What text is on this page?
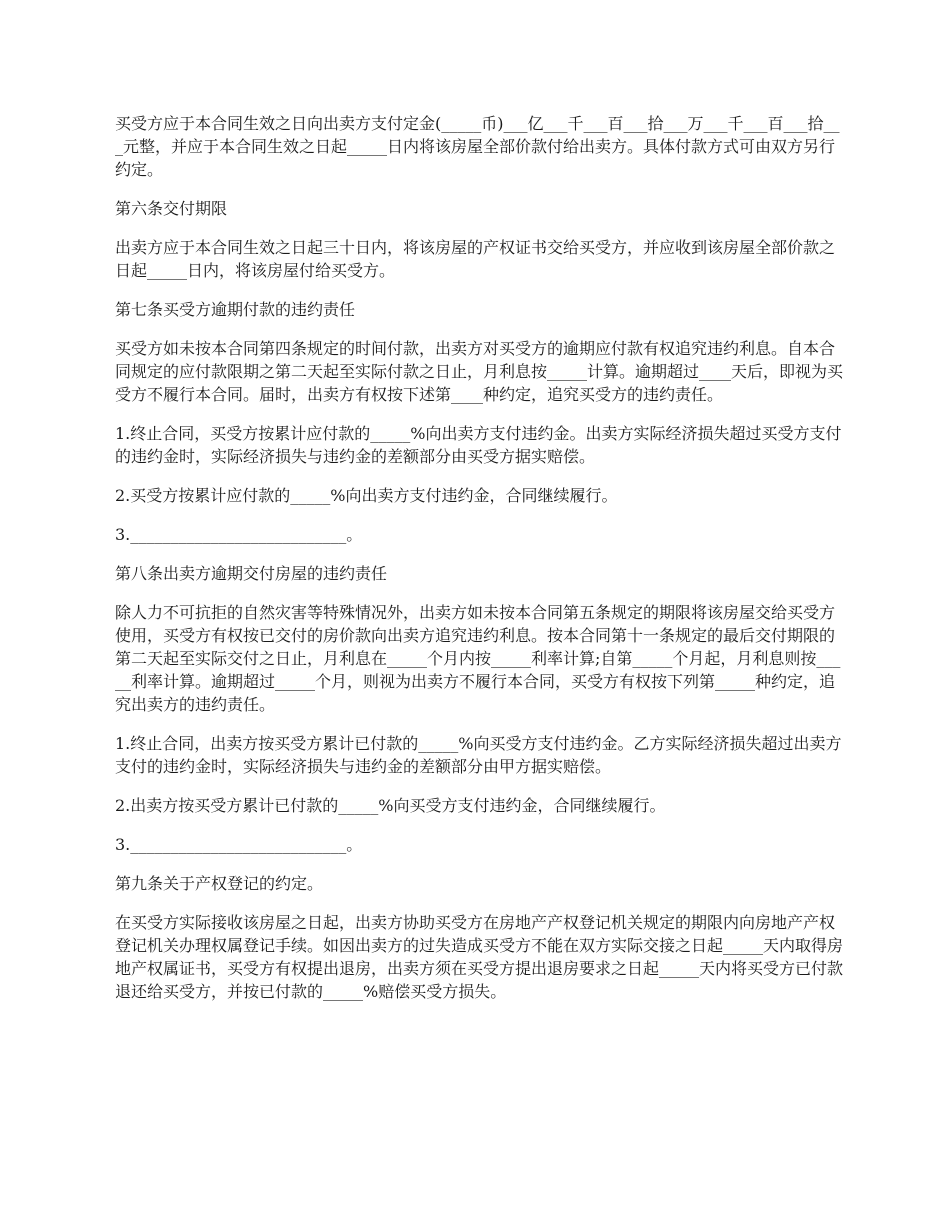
买受方应于本合同生效之日向出卖方支付定金(_____币)___亿___千___百___拾___万___千___百___拾___元整，并应于本合同生效之日起_____日内将该房屋全部价款付给出卖方。具体付款方式可由双方另行约定。

第六条交付期限

出卖方应于本合同生效之日起三十日内，将该房屋的产权证书交给买受方，并应收到该房屋全部价款之日起_____日内，将该房屋付给买受方。

第七条买受方逾期付款的违约责任

买受方如未按本合同第四条规定的时间付款，出卖方对买受方的逾期应付款有权追究违约利息。自本合同规定的应付款限期之第二天起至实际付款之日止，月利息按_____计算。逾期超过____天后，即视为买受方不履行本合同。届时，出卖方有权按下述第____种约定，追究买受方的违约责任。

1.终止合同，买受方按累计应付款的_____%向出卖方支付违约金。出卖方实际经济损失超过买受方支付的违约金时，实际经济损失与违约金的差额部分由买受方据实赔偿。

2.买受方按累计应付款的_____%向出卖方支付违约金，合同继续履行。

3.___________________________。

第八条出卖方逾期交付房屋的违约责任

除人力不可抗拒的自然灾害等特殊情况外，出卖方如未按本合同第五条规定的期限将该房屋交给买受方使用，买受方有权按已交付的房价款向出卖方追究违约利息。按本合同第十一条规定的最后交付期限的第二天起至实际交付之日止，月利息在_____个月内按_____利率计算;自第_____个月起，月利息则按_____利率计算。逾期超过_____个月，则视为出卖方不履行本合同，买受方有权按下列第_____种约定，追究出卖方的违约责任。

1.终止合同，出卖方按买受方累计已付款的_____%向买受方支付违约金。乙方实际经济损失超过出卖方支付的违约金时，实际经济损失与违约金的差额部分由甲方据实赔偿。

2.出卖方按买受方累计已付款的_____%向买受方支付违约金，合同继续履行。

3.___________________________。

第九条关于产权登记的约定。

在买受方实际接收该房屋之日起，出卖方协助买受方在房地产产权登记机关规定的期限内向房地产产权登记机关办理权属登记手续。如因出卖方的过失造成买受方不能在双方实际交接之日起_____天内取得房地产权属证书，买受方有权提出退房，出卖方须在买受方提出退房要求之日起_____天内将买受方已付款退还给买受方，并按已付款的_____%赔偿买受方损失。
